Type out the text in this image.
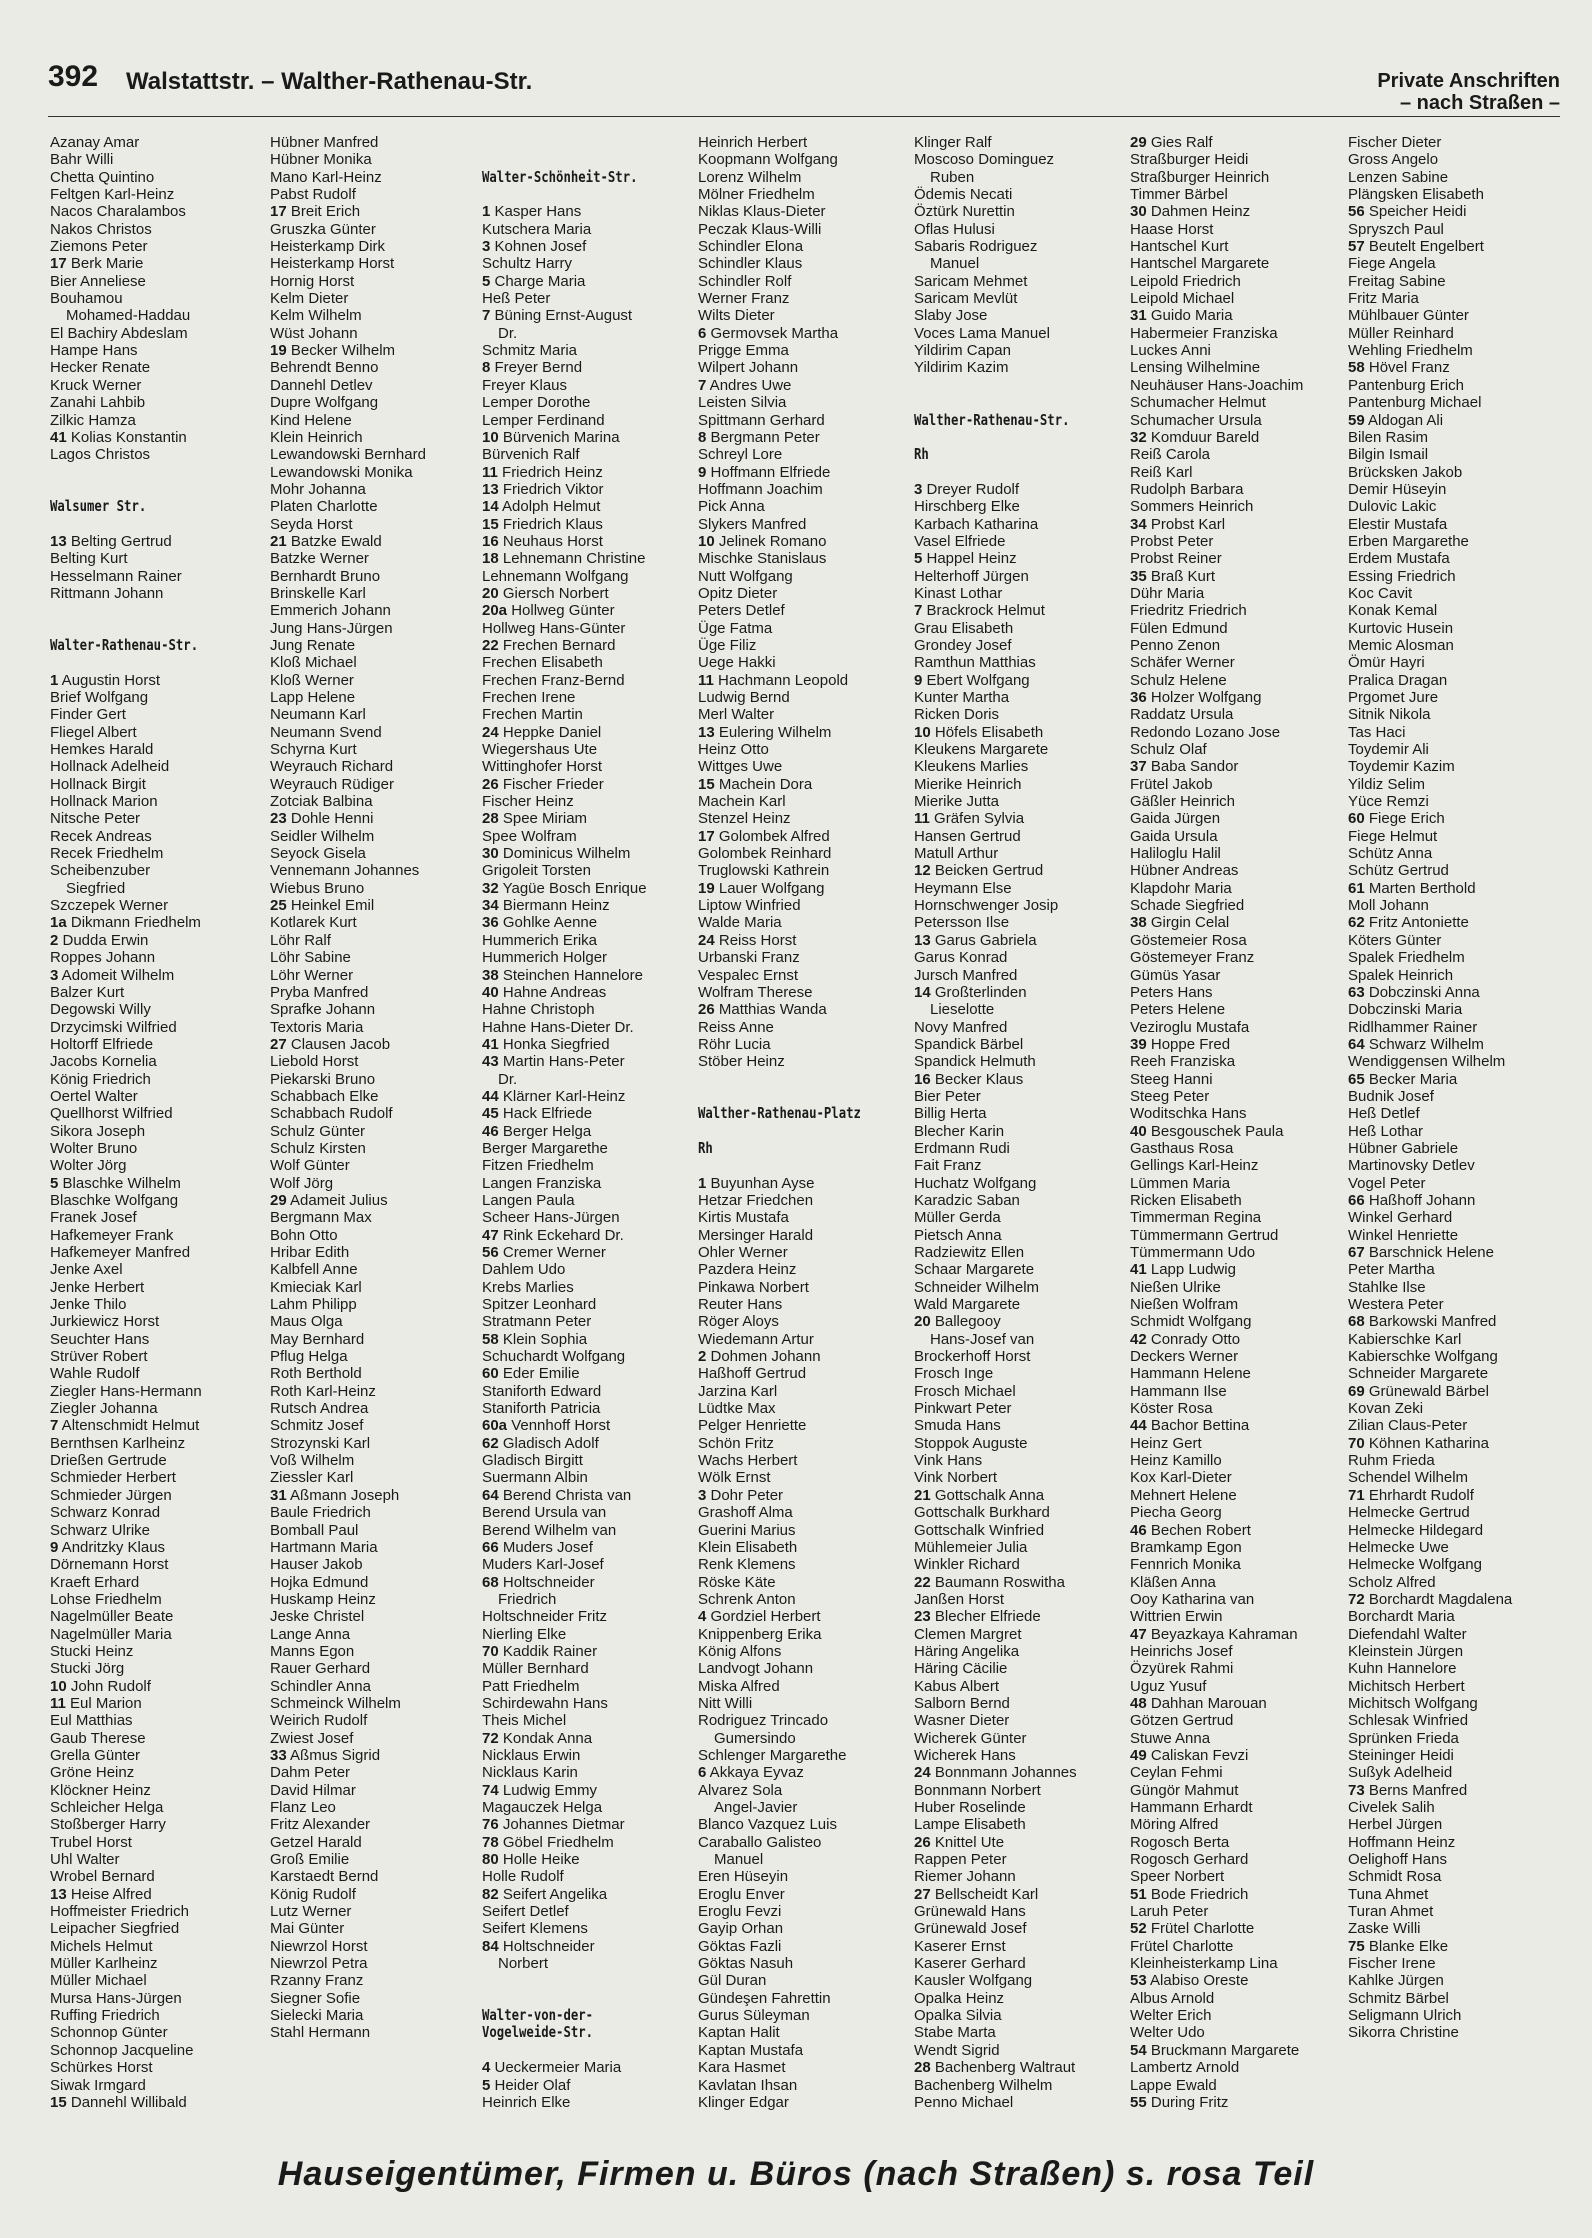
392 Walstattstr. – Walther-Rathenau-Str.	Private Anschriften
– nach Straßen –
Azanay Amar
Bahr Willi
Chetta Quintino
Feltgen Karl-Heinz
Nacos Charalambos
Nakos Christos
Ziemons Peter
17 Berk Marie
Bier Anneliese
Bouhamou
Mohamed-Haddau
El Bachiry Abdeslam
Hampe Hans
Hecker Renate
Kruck Werner
Zanahi Lahbib
Zilkic Hamza
41 Kolias Konstantin
Lagos Christos

Walsumer Str.

13 Belting Gertrud
Belting Kurt
Hesselmann Rainer
Rittmann Johann

Walter-Rathenau-Str.

1 Augustin Horst
Brief Wolfgang
Finder Gert
Fliegel Albert
Hemkes Harald
Hollnack Adelheid
Hollnack Birgit
Hollnack Marion
Nitsche Peter
Recek Andreas
Recek Friedhelm
Scheibenzuber
Siegfried
Szczepek Werner
1a Dikmann Friedhelm
2 Dudda Erwin
Roppes Johann
3 Adomeit Wilhelm
Balzer Kurt
Degowski Willy
Drzycimski Wilfried
Holtorff Elfriede
Jacobs Kornelia
König Friedrich
Oertel Walter
Quellhorst Wilfried
Sikora Joseph
Wolter Bruno
Wolter Jörg
5 Blaschke Wilhelm
Blaschke Wolfgang
Franek Josef
Hafkemeyer Frank
Hafkemeyer Manfred
Jenke Axel
Jenke Herbert
Jenke Thilo
Jurkiewicz Horst
Seuchter Hans
Strüver Robert
Wahle Rudolf
Ziegler Hans-Hermann
Ziegler Johanna
7 Altenschmidt Helmut
Bernthsen Karlheinz
Drießen Gertrude
Schmieder Herbert
Schmieder Jürgen
Schwarz Konrad
Schwarz Ulrike
9 Andritzky Klaus
Dörnemann Horst
Kraeft Erhard
Lohse Friedhelm
Nagelmüller Beate
Nagelmüller Maria
Stucki Heinz
Stucki Jörg
10 John Rudolf
11 Eul Marion
Eul Matthias
Gaub Therese
Grella Günter
Gröne Heinz
Klöckner Heinz
Schleicher Helga
Stoßberger Harry
Trubel Horst
Uhl Walter
Wrobel Bernard
13 Heise Alfred
Hoffmeister Friedrich
Leipacher Siegfried
Michels Helmut
Müller Karlheinz
Müller Michael
Mursa Hans-Jürgen
Ruffing Friedrich
Schonnop Günter
Schonnop Jacqueline
Schürkes Horst
Siwak Irmgard
15 Dannehl Willibald
Hübner Manfred
Hübner Monika
Mano Karl-Heinz
Pabst Rudolf
17 Breit Erich
Gruszka Günter
Heisterkamp Dirk
Heisterkamp Horst
Hornig Horst
Kelm Dieter
Kelm Wilhelm
Wüst Johann
19 Becker Wilhelm
Behrendt Benno
Dannehl Detlev
Dupre Wolfgang
Kind Helene
Klein Heinrich
Lewandowski Bernhard
Lewandowski Monika
Mohr Johanna
Platen Charlotte
Seyda Horst
21 Batzke Ewald
Batzke Werner
Bernhardt Bruno
Brinskelle Karl
Emmerich Johann
Jung Hans-Jürgen
Jung Renate
Kloß Michael
Kloß Werner
Lapp Helene
Neumann Karl
Neumann Svend
Schyrna Kurt
Weyrauch Richard
Weyrauch Rüdiger
Zotciak Balbina
23 Dohle Henni
Seidler Wilhelm
Seyock Gisela
Vennemann Johannes
Wiebus Bruno
25 Heinkel Emil
Kotlarek Kurt
Löhr Ralf
Löhr Sabine
Löhr Werner
Pryba Manfred
Sprafke Johann
Textoris Maria
27 Clausen Jacob
Liebold Horst
Piekarski Bruno
Schabbach Elke
Schabbach Rudolf
Schulz Günter
Schulz Kirsten
Wolf Günter
Wolf Jörg
29 Adameit Julius
Bergmann Max
Bohn Otto
Hribar Edith
Kalbfell Anne
Kmieciak Karl
Lahm Philipp
Maus Olga
May Bernhard
Pflug Helga
Roth Berthold
Roth Karl-Heinz
Rutsch Andrea
Schmitz Josef
Strozynski Karl
Voß Wilhelm
Ziessler Karl
31 Aßmann Joseph
Baule Friedrich
Bomball Paul
Hartmann Maria
Hauser Jakob
Hojka Edmund
Huskamp Heinz
Jeske Christel
Lange Anna
Manns Egon
Rauer Gerhard
Schindler Anna
Schmeinck Wilhelm
Weirich Rudolf
Zwiest Josef
33 Aßmus Sigrid
Dahm Peter
David Hilmar
Flanz Leo
Fritz Alexander
Getzel Harald
Groß Emilie
Karstaedt Bernd
König Rudolf
Lutz Werner
Mai Günter
Niewrzol Horst
Niewrzol Petra
Rzanny Franz
Siegner Sofie
Sielecki Maria
Stahl Hermann

Walter-Schönheit-Str.

1 Kasper Hans
Kutschera Maria
3 Kohnen Josef
Schultz Harry
5 Charge Maria
Heß Peter
7 Büning Ernst-August
Dr.
Schmitz Maria
8 Freyer Bernd
Freyer Klaus
Lemper Dorothe
Lemper Ferdinand
10 Bürvenich Marina
Bürvenich Ralf
11 Friedrich Heinz
13 Friedrich Viktor
14 Adolph Helmut
15 Friedrich Klaus
16 Neuhaus Horst
18 Lehnemann Christine
Lehnemann Wolfgang
20 Giersch Norbert
20a Hollweg Günter
Hollweg Hans-Günter
22 Frechen Bernard
Frechen Elisabeth
Frechen Franz-Bernd
Frechen Irene
Frechen Martin
24 Heppke Daniel
Wiegershaus Ute
Wittinghofer Horst
26 Fischer Frieder
Fischer Heinz
28 Spee Miriam
Spee Wolfram
30 Dominicus Wilhelm
Grigoleit Torsten
32 Yagüe Bosch Enrique
34 Biermann Heinz
36 Gohlke Aenne
Hummerich Erika
Hummerich Holger
38 Steinchen Hannelore
40 Hahne Andreas
Hahne Christoph
Hahne Hans-Dieter Dr.
41 Honka Siegfried
43 Martin Hans-Peter
Dr.
44 Klärner Karl-Heinz
45 Hack Elfriede
46 Berger Helga
Berger Margarethe
Fitzen Friedhelm
Langen Franziska
Langen Paula
Scheer Hans-Jürgen
47 Rink Eckehard Dr.
56 Cremer Werner
Dahlem Udo
Krebs Marlies
Spitzer Leonhard
Stratmann Peter
58 Klein Sophia
Schuchardt Wolfgang
60 Eder Emilie
Staniforth Edward
Staniforth Patricia
60a Vennhoff Horst
62 Gladisch Adolf
Gladisch Birgitt
Suermann Albin
64 Berend Christa van
Berend Ursula van
Berend Wilhelm van
66 Muders Josef
Muders Karl-Josef
68 Holtschneider
Friedrich
Holtschneider Fritz
Nierling Elke
70 Kaddik Rainer
Müller Bernhard
Patt Friedhelm
Schirdewahn Hans
Theis Michel
72 Kondak Anna
Nicklaus Erwin
Nicklaus Karin
74 Ludwig Emmy
Magauczek Helga
76 Johannes Dietmar
78 Göbel Friedhelm
80 Holle Heike
Holle Rudolf
82 Seifert Angelika
Seifert Detlef
Seifert Klemens
84 Holtschneider
Norbert

Walter-von-der-
Vogelweide-Str.

4 Ueckermeier Maria
5 Heider Olaf
Heinrich Elke
Heinrich Herbert
Koopmann Wolfgang
Lorenz Wilhelm
Mölner Friedhelm
Niklas Klaus-Dieter
Peczak Klaus-Willi
Schindler Elona
Schindler Klaus
Schindler Rolf
Werner Franz
Wilts Dieter
6 Germovsek Martha
Prigge Emma
Wilpert Johann
7 Andres Uwe
Leisten Silvia
Spittmann Gerhard
8 Bergmann Peter
Schreyl Lore
9 Hoffmann Elfriede
Hoffmann Joachim
Pick Anna
Slykers Manfred
10 Jelinek Romano
Mischke Stanislaus
Nutt Wolfgang
Opitz Dieter
Peters Detlef
Üge Fatma
Üge Filiz
Uege Hakki
11 Hachmann Leopold
Ludwig Bernd
Merl Walter
13 Eulering Wilhelm
Heinz Otto
Wittges Uwe
15 Machein Dora
Machein Karl
Stenzel Heinz
17 Golombek Alfred
Golombek Reinhard
Truglowski Kathrein
19 Lauer Wolfgang
Liptow Winfried
Walde Maria
24 Reiss Horst
Urbanski Franz
Vespalec Ernst
Wolfram Therese
26 Matthias Wanda
Reiss Anne
Röhr Lucia
Stöber Heinz

Walther-Rathenau-Platz

Rh

1 Buyunhan Ayse
Hetzar Friedchen
Kirtis Mustafa
Mersinger Harald
Ohler Werner
Pazdera Heinz
Pinkawa Norbert
Reuter Hans
Röger Aloys
Wiedemann Artur
2 Dohmen Johann
Haßhoff Gertrud
Jarzina Karl
Lüdtke Max
Pelger Henriette
Schön Fritz
Wachs Herbert
Wölk Ernst
3 Dohr Peter
Grashoff Alma
Guerini Marius
Klein Elisabeth
Renk Klemens
Röske Käte
Schrenk Anton
4 Gordziel Herbert
Knippenberg Erika
König Alfons
Landvogt Johann
Miska Alfred
Nitt Willi
Rodriguez Trincado
Gumersindo
Schlenger Margarethe
6 Akkaya Eyvaz
Alvarez Sola
Angel-Javier
Blanco Vazquez Luis
Caraballo Galisteo
Manuel
Eren Hüseyin
Eroglu Enver
Eroglu Fevzi
Gayip Orhan
Göktas Fazli
Göktas Nasuh
Gül Duran
Gündeşen Fahrettin
Gurus Süleyman
Kaptan Halit
Kaptan Mustafa
Kara Hasmet
Kavlatan Ihsan
Klinger Edgar
Klinger Ralf
Moscoso Dominguez
Ruben
Ödemis Necati
Öztürk Nurettin
Oflas Hulusi
Sabaris Rodriguez
Manuel
Saricam Mehmet
Saricam Mevlüt
Slaby Jose
Voces Lama Manuel
Yildirim Capan
Yildirim Kazim

Walther-Rathenau-Str.

Rh

3 Dreyer Rudolf
Hirschberg Elke
Karbach Katharina
Vasel Elfriede
5 Happel Heinz
Helterhoff Jürgen
Kinast Lothar
7 Brackrock Helmut
Grau Elisabeth
Grondey Josef
Ramthun Matthias
9 Ebert Wolfgang
Kunter Martha
Ricken Doris
10 Höfels Elisabeth
Kleukens Margarete
Kleukens Marlies
Mierike Heinrich
Mierike Jutta
11 Gräfen Sylvia
Hansen Gertrud
Matull Arthur
12 Beicken Gertrud
Heymann Else
Hornschwenger Josip
Petersson Ilse
13 Garus Gabriela
Garus Konrad
Jursch Manfred
14 Großterlinden
Lieselotte
Novy Manfred
Spandick Bärbel
Spandick Helmuth
16 Becker Klaus
Bier Peter
Billig Herta
Blecher Karin
Erdmann Rudi
Fait Franz
Huchatz Wolfgang
Karadzic Saban
Müller Gerda
Pietsch Anna
Radziewitz Ellen
Schaar Margarete
Schneider Wilhelm
Wald Margarete
20 Ballegooy
Hans-Josef van
Brockerhoff Horst
Frosch Inge
Frosch Michael
Pinkwart Peter
Smuda Hans
Stoppok Auguste
Vink Hans
Vink Norbert
21 Gottschalk Anna
Gottschalk Burkhard
Gottschalk Winfried
Mühlemeier Julia
Winkler Richard
22 Baumann Roswitha
Janßen Horst
23 Blecher Elfriede
Clemen Margret
Häring Angelika
Häring Cäcilie
Kabus Albert
Salborn Bernd
Wasner Dieter
Wicherek Günter
Wicherek Hans
24 Bonnmann Johannes
Bonnmann Norbert
Huber Roselinde
Lampe Elisabeth
26 Knittel Ute
Rappen Peter
Riemer Johann
27 Bellscheidt Karl
Grünewald Hans
Grünewald Josef
Kaserer Ernst
Kaserer Gerhard
Kausler Wolfgang
Opalka Heinz
Opalka Silvia
Stabe Marta
Wendt Sigrid
28 Bachenberg Waltraut
Bachenberg Wilhelm
Penno Michael
29 Gies Ralf
Straßburger Heidi
Straßburger Heinrich
Timmer Bärbel
30 Dahmen Heinz
Haase Horst
Hantschel Kurt
Hantschel Margarete
Leipold Friedrich
Leipold Michael
31 Guido Maria
Habermeier Franziska
Luckes Anni
Lensing Wilhelmine
Neuhäuser Hans-Joachim
Schumacher Helmut
Schumacher Ursula
32 Komduur Bareld
Reiß Carola
Reiß Karl
Rudolph Barbara
Sommers Heinrich
34 Probst Karl
Probst Peter
Probst Reiner
35 Braß Kurt
Dühr Maria
Friedritz Friedrich
Fülen Edmund
Penno Zenon
Schäfer Werner
Schulz Helene
36 Holzer Wolfgang
Raddatz Ursula
Redondo Lozano Jose
Schulz Olaf
37 Baba Sandor
Frütel Jakob
Gäßler Heinrich
Gaida Jürgen
Gaida Ursula
Haliloglu Halil
Hübner Andreas
Klapdohr Maria
Schade Siegfried
38 Girgin Celal
Göstemeier Rosa
Göstemeyer Franz
Gümüs Yasar
Peters Hans
Peters Helene
Veziroglu Mustafa
39 Hoppe Fred
Reeh Franziska
Steeg Hanni
Steeg Peter
Woditschka Hans
40 Besgouschek Paula
Gasthaus Rosa
Gellings Karl-Heinz
Lümmen Maria
Ricken Elisabeth
Timmerman Regina
Tümmermann Gertrud
Tümmermann Udo
41 Lapp Ludwig
Nießen Ulrike
Nießen Wolfram
Schmidt Wolfgang
42 Conrady Otto
Deckers Werner
Hammann Helene
Hammann Ilse
Köster Rosa
44 Bachor Bettina
Heinz Gert
Heinz Kamillo
Kox Karl-Dieter
Mehnert Helene
Piecha Georg
46 Bechen Robert
Bramkamp Egon
Fennrich Monika
Kläßen Anna
Ooy Katharina van
Wittrien Erwin
47 Beyazkaya Kahraman
Heinrichs Josef
Özyürek Rahmi
Uguz Yusuf
48 Dahhan Marouan
Götzen Gertrud
Stuwe Anna
49 Caliskan Fevzi
Ceylan Fehmi
Güngör Mahmut
Hammann Erhardt
Möring Alfred
Rogosch Berta
Rogosch Gerhard
Speer Norbert
51 Bode Friedrich
Laruh Peter
52 Frütel Charlotte
Frütel Charlotte
Kleinheisterkamp Lina
53 Alabiso Oreste
Albus Arnold
Welter Erich
Welter Udo
54 Bruckmann Margarete
Lambertz Arnold
Lappe Ewald
55 During Fritz
Fischer Dieter
Gross Angelo
Lenzen Sabine
Plängsken Elisabeth
56 Speicher Heidi
Spryszch Paul
57 Beutelt Engelbert
Fiege Angela
Freitag Sabine
Fritz Maria
Mühlbauer Günter
Müller Reinhard
Wehling Friedhelm
58 Hövel Franz
Pantenburg Erich
Pantenburg Michael
59 Aldogan Ali
Bilen Rasim
Bilgin Ismail
Brücksken Jakob
Demir Hüseyin
Dulovic Lakic
Elestir Mustafa
Erben Margarethe
Erdem Mustafa
Essing Friedrich
Koc Cavit
Konak Kemal
Kurtovic Husein
Memic Alosman
Ömür Hayri
Pralica Dragan
Prgomet Jure
Sitnik Nikola
Tas Haci
Toydemir Ali
Toydemir Kazim
Yildiz Selim
Yüce Remzi
60 Fiege Erich
Fiege Helmut
Schütz Anna
Schütz Gertrud
61 Marten Berthold
Moll Johann
62 Fritz Antoniette
Köters Günter
Spalek Friedhelm
Spalek Heinrich
63 Dobczinski Anna
Dobczinski Maria
Ridlhammer Rainer
64 Schwarz Wilhelm
Wendiggensen Wilhelm
65 Becker Maria
Budnik Josef
Heß Detlef
Heß Lothar
Hübner Gabriele
Martinovsky Detlev
Vogel Peter
66 Haßhoff Johann
Winkel Gerhard
Winkel Henriette
67 Barschnick Helene
Peter Martha
Stahlke Ilse
Westera Peter
68 Barkowski Manfred
Kabierschke Karl
Kabierschke Wolfgang
Schneider Margarete
69 Grünewald Bärbel
Kovan Zeki
Zilian Claus-Peter
70 Köhnen Katharina
Ruhm Frieda
Schendel Wilhelm
71 Ehrhardt Rudolf
Helmecke Gertrud
Helmecke Hildegard
Helmecke Uwe
Helmecke Wolfgang
Scholz Alfred
72 Borchardt Magdalena
Borchardt Maria
Diefendahl Walter
Kleinstein Jürgen
Kuhn Hannelore
Michitsch Herbert
Michitsch Wolfgang
Schlesak Winfried
Sprünken Frieda
Steininger Heidi
Sußyk Adelheid
73 Berns Manfred
Civelek Salih
Herbel Jürgen
Hoffmann Heinz
Oelighoff Hans
Schmidt Rosa
Tuna Ahmet
Turan Ahmet
Zaske Willi
75 Blanke Elke
Fischer Irene
Kahlke Jürgen
Schmitz Bärbel
Seligmann Ulrich
Sikorra Christine
Hauseigentümer, Firmen u. Büros (nach Straßen) s. rosa Teil
